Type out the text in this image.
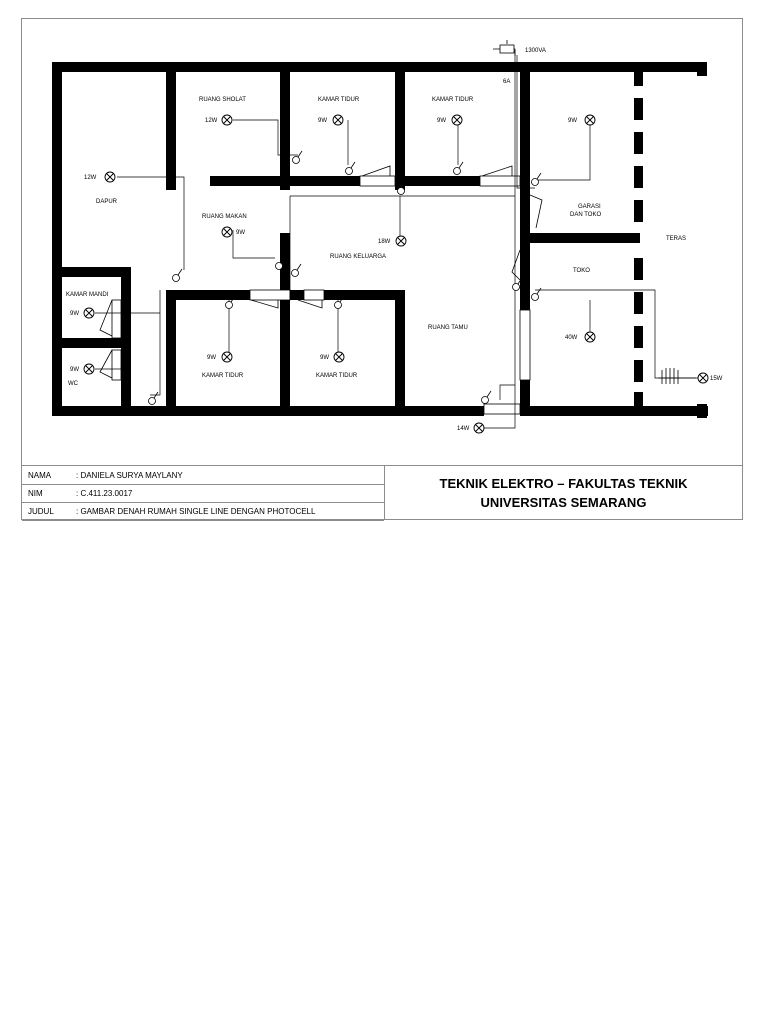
1300VA
6A
RUANG SHOLAT	KAMAR TIDUR	KAMAR TIDUR
DAPUR
RUANG MAKAN
RUANG KELUARGA
GARASI
DAN TOKO
TERAS
TOKO
KAMAR MANDI
WC
RUANG TAMU
KAMAR TIDUR	KAMAR TIDUR
12W	9W	9W
12W
9W
18W
9W
9W
9W
9W	9W
40W
15W
14W
NAMA	: DANIELA SURYA MAYLANY
NIM	: C.411.23.0017
JUDUL	: GAMBAR DENAH RUMAH SINGLE LINE DENGAN PHOTOCELL
TEKNIK ELEKTRO – FAKULTAS TEKNIK
UNIVERSITAS SEMARANG
